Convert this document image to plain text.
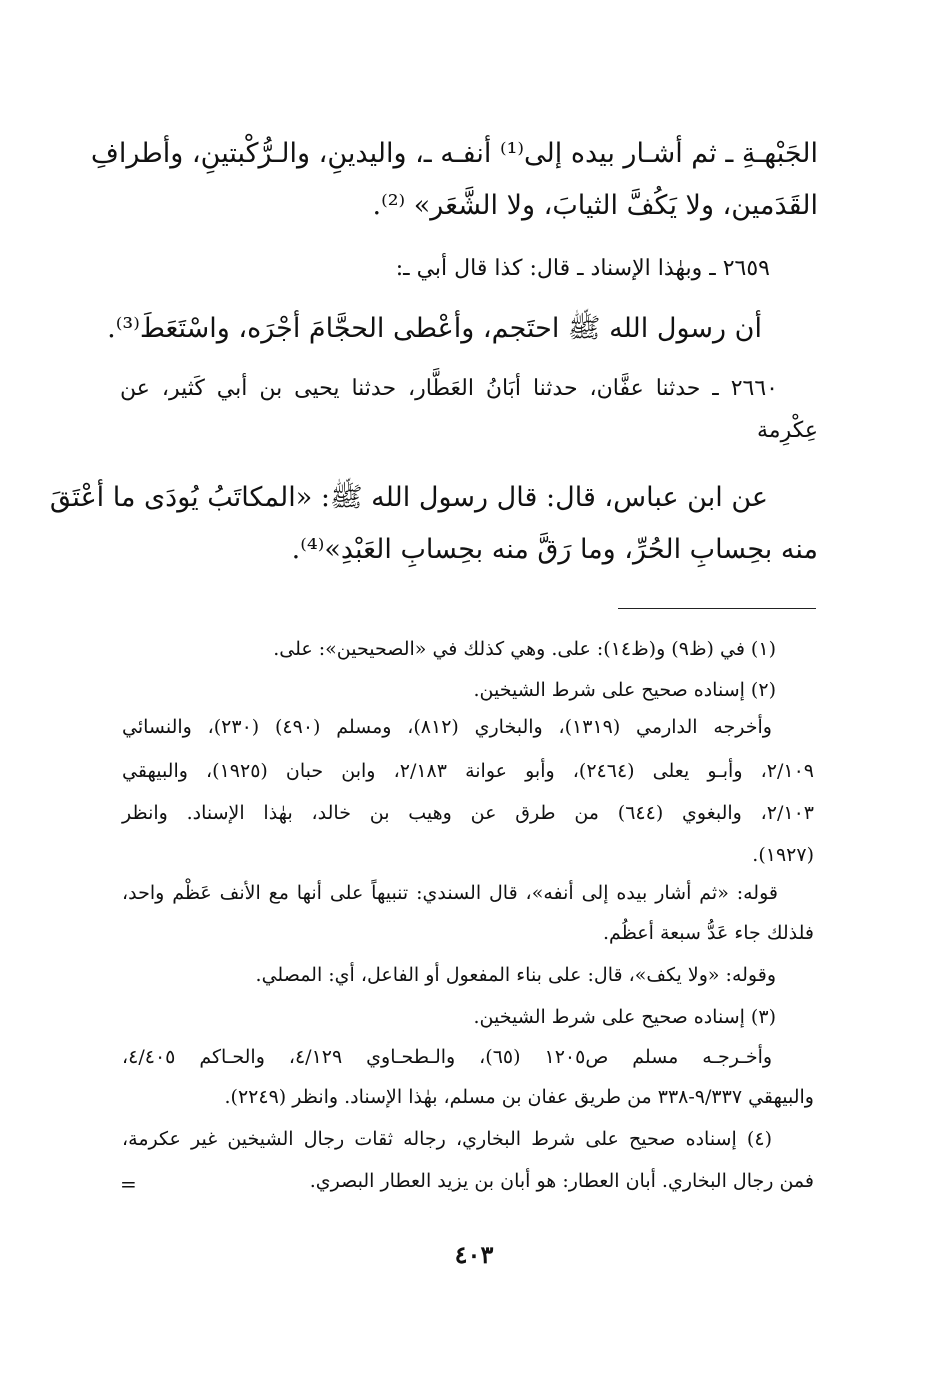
الجَبْهـةِ ـ ثم أشـار بيده إلى⁽¹⁾ أنفـه ـ، واليدينِ، والـرُّكْبتينِ، وأطرافِ

القَدَمين، ولا يَكُفَّ الثيابَ، ولا الشَّعَر» ⁽²⁾.

٢٦٥٩ ـ وبهٰذا الإسناد ـ قال: كذا قال أبي ـ:

أن رسول الله ﷺ احتَجم، وأعْطى الحجَّامَ أجْرَه، واسْتَعَطَ⁽³⁾.

٢٦٦٠ ـ حدثنا عفَّان، حدثنا أبَانُ العَطَّار، حدثنا يحيى بن أبي كَثير، عن

عِكْرِمة

عن ابن عباس، قال: قال رسول الله ﷺ: «المكاتَبُ يُودَى ما أعْتَقَ

منه بحِسابِ الحُرِّ، وما رَقَّ منه بحِسابِ العَبْدِ»⁽⁴⁾.

(١) في (ظ٩) و(ظ١٤): على. وهي كذلك في «الصحيحين»: على.

(٢) إسناده صحيح على شرط الشيخين.

وأخرجه الدارمي (١٣١٩)، والبخاري (٨١٢)، ومسلم (٤٩٠) (٢٣٠)، والنسائي

٢/١٠٩، وأبـو يعلى (٢٤٦٤)، وأبو عوانة ٢/١٨٣، وابن حبان (١٩٢٥)، والبيهقي

٢/١٠٣، والبغوي (٦٤٤) من طرق عن وهيب بن خالد، بهٰذا الإسناد. وانظر

(١٩٢٧).

قوله: «ثم أشار بيده إلى أنفه»، قال السندي: تنبيهاً على أنها مع الأنف عَظْم واحد،

فلذلك جاء عَدُّ سبعة أعظُم.

وقوله: «ولا يكف»، قال: على بناء المفعول أو الفاعل، أي: المصلي.

(٣) إسناده صحيح على شرط الشيخين.

وأخـرجـه مسلم ص١٢٠٥ (٦٥)، والـطحـاوي ٤/١٢٩، والحـاكم ٤/٤٠٥،

والبيهقي ٩/٣٣٧-٣٣٨ من طريق عفان بن مسلم، بهٰذا الإسناد. وانظر (٢٢٤٩).

(٤) إسناده صحيح على شرط البخاري، رجاله ثقات رجال الشيخين غير عكرمة،

فمن رجال البخاري. أبان العطار: هو أبان بن يزيد العطار البصري.

=
٤٠٣
